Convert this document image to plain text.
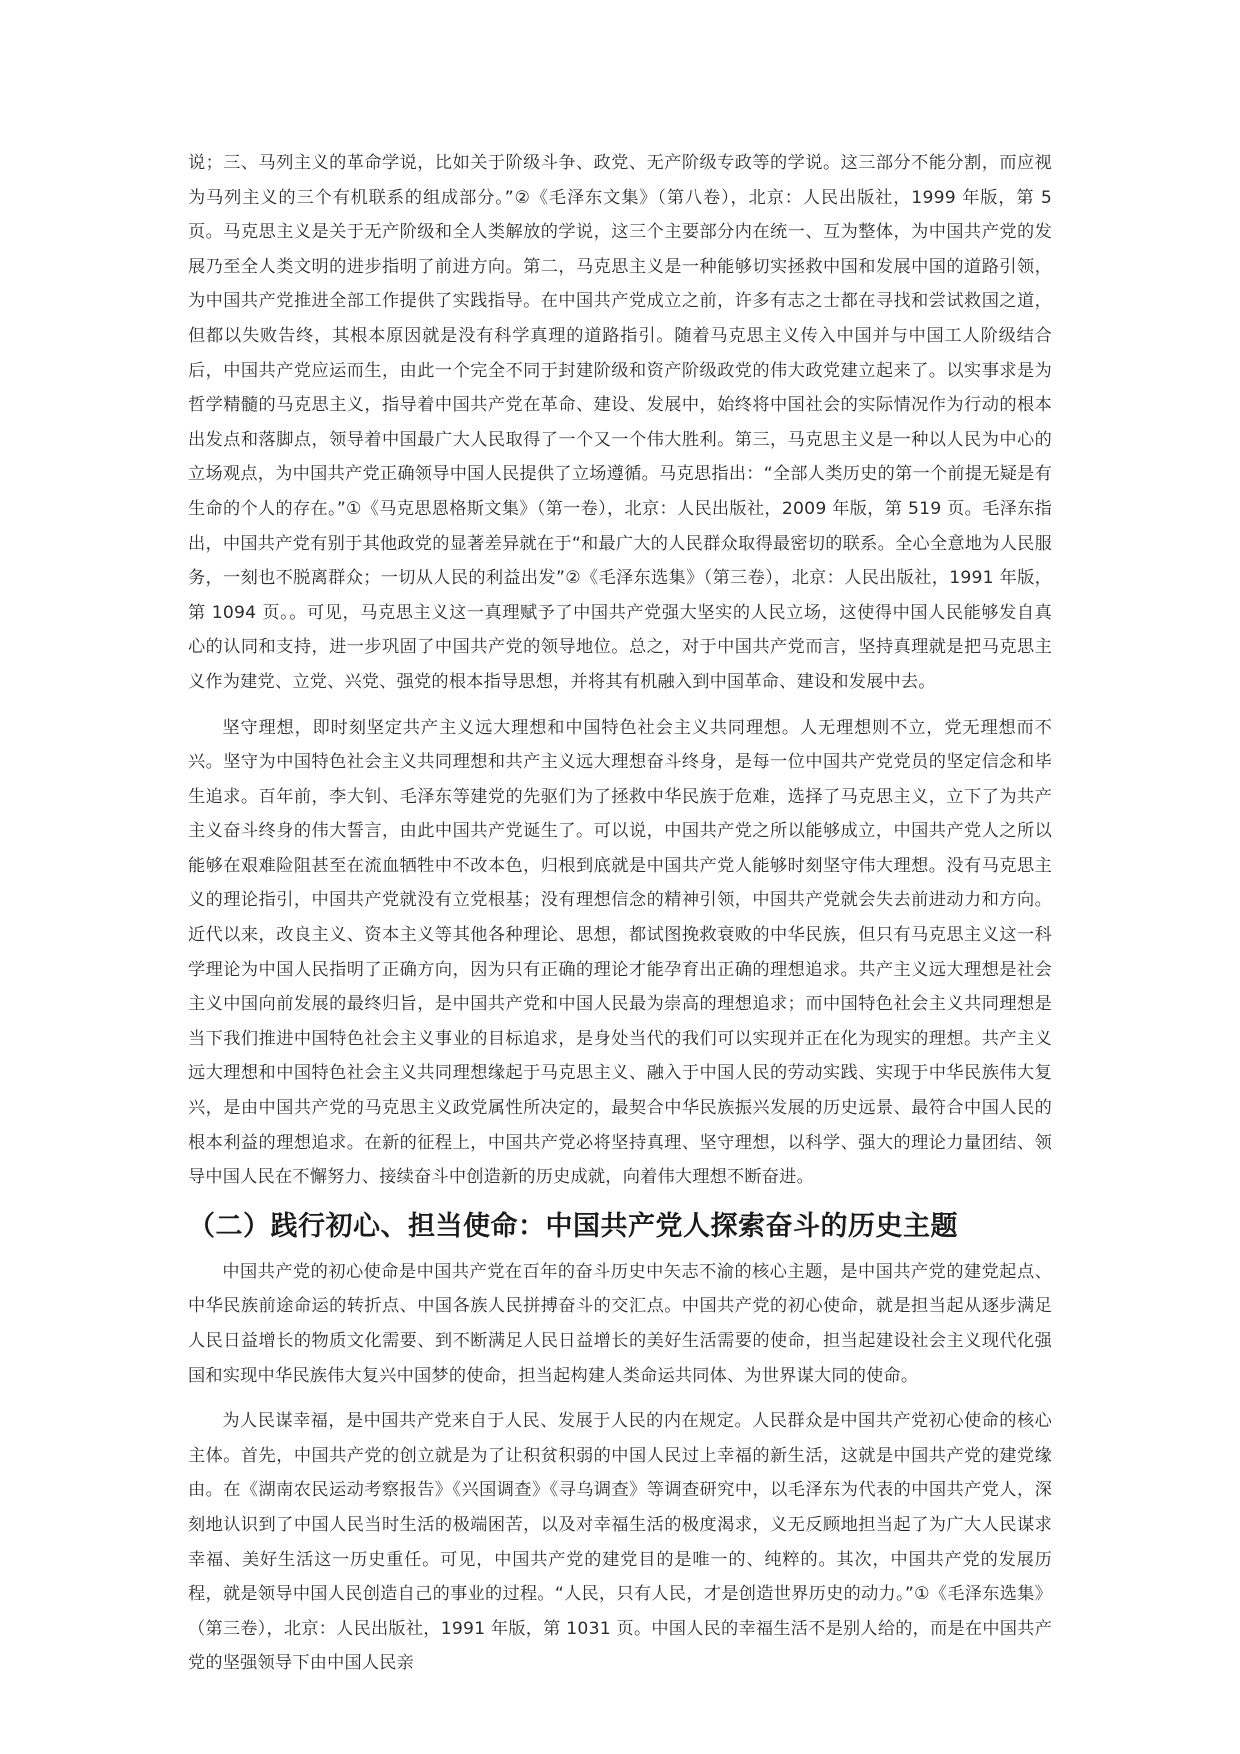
说；三、马列主义的革命学说，比如关于阶级斗争、政党、无产阶级专政等的学说。这三部分不能分割，而应视为马列主义的三个有机联系的组成部分。”②《毛泽东文集》（第八卷），北京：人民出版社，1999 年版，第 5 页。马克思主义是关于无产阶级和全人类解放的学说，这三个主要部分内在统一、互为整体，为中国共产党的发展乃至全人类文明的进步指明了前进方向。第二，马克思主义是一种能够切实拯救中国和发展中国的道路引领，为中国共产党推进全部工作提供了实践指导。在中国共产党成立之前，许多有志之士都在寻找和尝试救国之道，但都以失败告终，其根本原因就是没有科学真理的道路指引。随着马克思主义传入中国并与中国工人阶级结合后，中国共产党应运而生，由此一个完全不同于封建阶级和资产阶级政党的伟大政党建立起来了。以实事求是为哲学精髓的马克思主义，指导着中国共产党在革命、建设、发展中，始终将中国社会的实际情况作为行动的根本出发点和落脚点，领导着中国最广大人民取得了一个又一个伟大胜利。第三，马克思主义是一种以人民为中心的立场观点，为中国共产党正确领导中国人民提供了立场遵循。马克思指出：“全部人类历史的第一个前提无疑是有生命的个人的存在。”①《马克思恩格斯文集》（第一卷），北京：人民出版社，2009 年版，第 519 页。毛泽东指出，中国共产党有别于其他政党的显著差异就在于“和最广大的人民群众取得最密切的联系。全心全意地为人民服务，一刻也不脱离群众；一切从人民的利益出发”②《毛泽东选集》（第三卷），北京：人民出版社，1991 年版，第 1094 页。。可见，马克思主义这一真理赋予了中国共产党强大坚实的人民立场，这使得中国人民能够发自真心的认同和支持，进一步巩固了中国共产党的领导地位。总之，对于中国共产党而言，坚持真理就是把马克思主义作为建党、立党、兴党、强党的根本指导思想，并将其有机融入到中国革命、建设和发展中去。

坚守理想，即时刻坚定共产主义远大理想和中国特色社会主义共同理想。人无理想则不立，党无理想而不兴。坚守为中国特色社会主义共同理想和共产主义远大理想奋斗终身，是每一位中国共产党党员的坚定信念和毕生追求。百年前，李大钊、毛泽东等建党的先驱们为了拯救中华民族于危难，选择了马克思主义，立下了为共产主义奋斗终身的伟大誓言，由此中国共产党诞生了。可以说，中国共产党之所以能够成立，中国共产党人之所以能够在艰难险阻甚至在流血牺牲中不改本色，归根到底就是中国共产党人能够时刻坚守伟大理想。没有马克思主义的理论指引，中国共产党就没有立党根基；没有理想信念的精神引领，中国共产党就会失去前进动力和方向。近代以来，改良主义、资本主义等其他各种理论、思想，都试图挽救衰败的中华民族，但只有马克思主义这一科学理论为中国人民指明了正确方向，因为只有正确的理论才能孕育出正确的理想追求。共产主义远大理想是社会主义中国向前发展的最终归旨，是中国共产党和中国人民最为崇高的理想追求；而中国特色社会主义共同理想是当下我们推进中国特色社会主义事业的目标追求，是身处当代的我们可以实现并正在化为现实的理想。共产主义远大理想和中国特色社会主义共同理想缘起于马克思主义、融入于中国人民的劳动实践、实现于中华民族伟大复兴，是由中国共产党的马克思主义政党属性所决定的，最契合中华民族振兴发展的历史远景、最符合中国人民的根本利益的理想追求。在新的征程上，中国共产党必将坚持真理、坚守理想，以科学、强大的理论力量团结、领导中国人民在不懈努力、接续奋斗中创造新的历史成就，向着伟大理想不断奋进。

（二）践行初心、担当使命：中国共产党人探索奋斗的历史主题

中国共产党的初心使命是中国共产党在百年的奋斗历史中矢志不渝的核心主题，是中国共产党的建党起点、中华民族前途命运的转折点、中国各族人民拼搏奋斗的交汇点。中国共产党的初心使命，就是担当起从逐步满足人民日益增长的物质文化需要、到不断满足人民日益增长的美好生活需要的使命，担当起建设社会主义现代化强国和实现中华民族伟大复兴中国梦的使命，担当起构建人类命运共同体、为世界谋大同的使命。

为人民谋幸福，是中国共产党来自于人民、发展于人民的内在规定。人民群众是中国共产党初心使命的核心主体。首先，中国共产党的创立就是为了让积贫积弱的中国人民过上幸福的新生活，这就是中国共产党的建党缘由。在《湖南农民运动考察报告》《兴国调查》《寻乌调查》等调查研究中，以毛泽东为代表的中国共产党人，深刻地认识到了中国人民当时生活的极端困苦，以及对幸福生活的极度渴求，义无反顾地担当起了为广大人民谋求幸福、美好生活这一历史重任。可见，中国共产党的建党目的是唯一的、纯粹的。其次，中国共产党的发展历程，就是领导中国人民创造自己的事业的过程。“人民，只有人民，才是创造世界历史的动力。”①《毛泽东选集》（第三卷），北京：人民出版社，1991 年版，第 1031 页。中国人民的幸福生活不是别人给的，而是在中国共产党的坚强领导下由中国人民亲
